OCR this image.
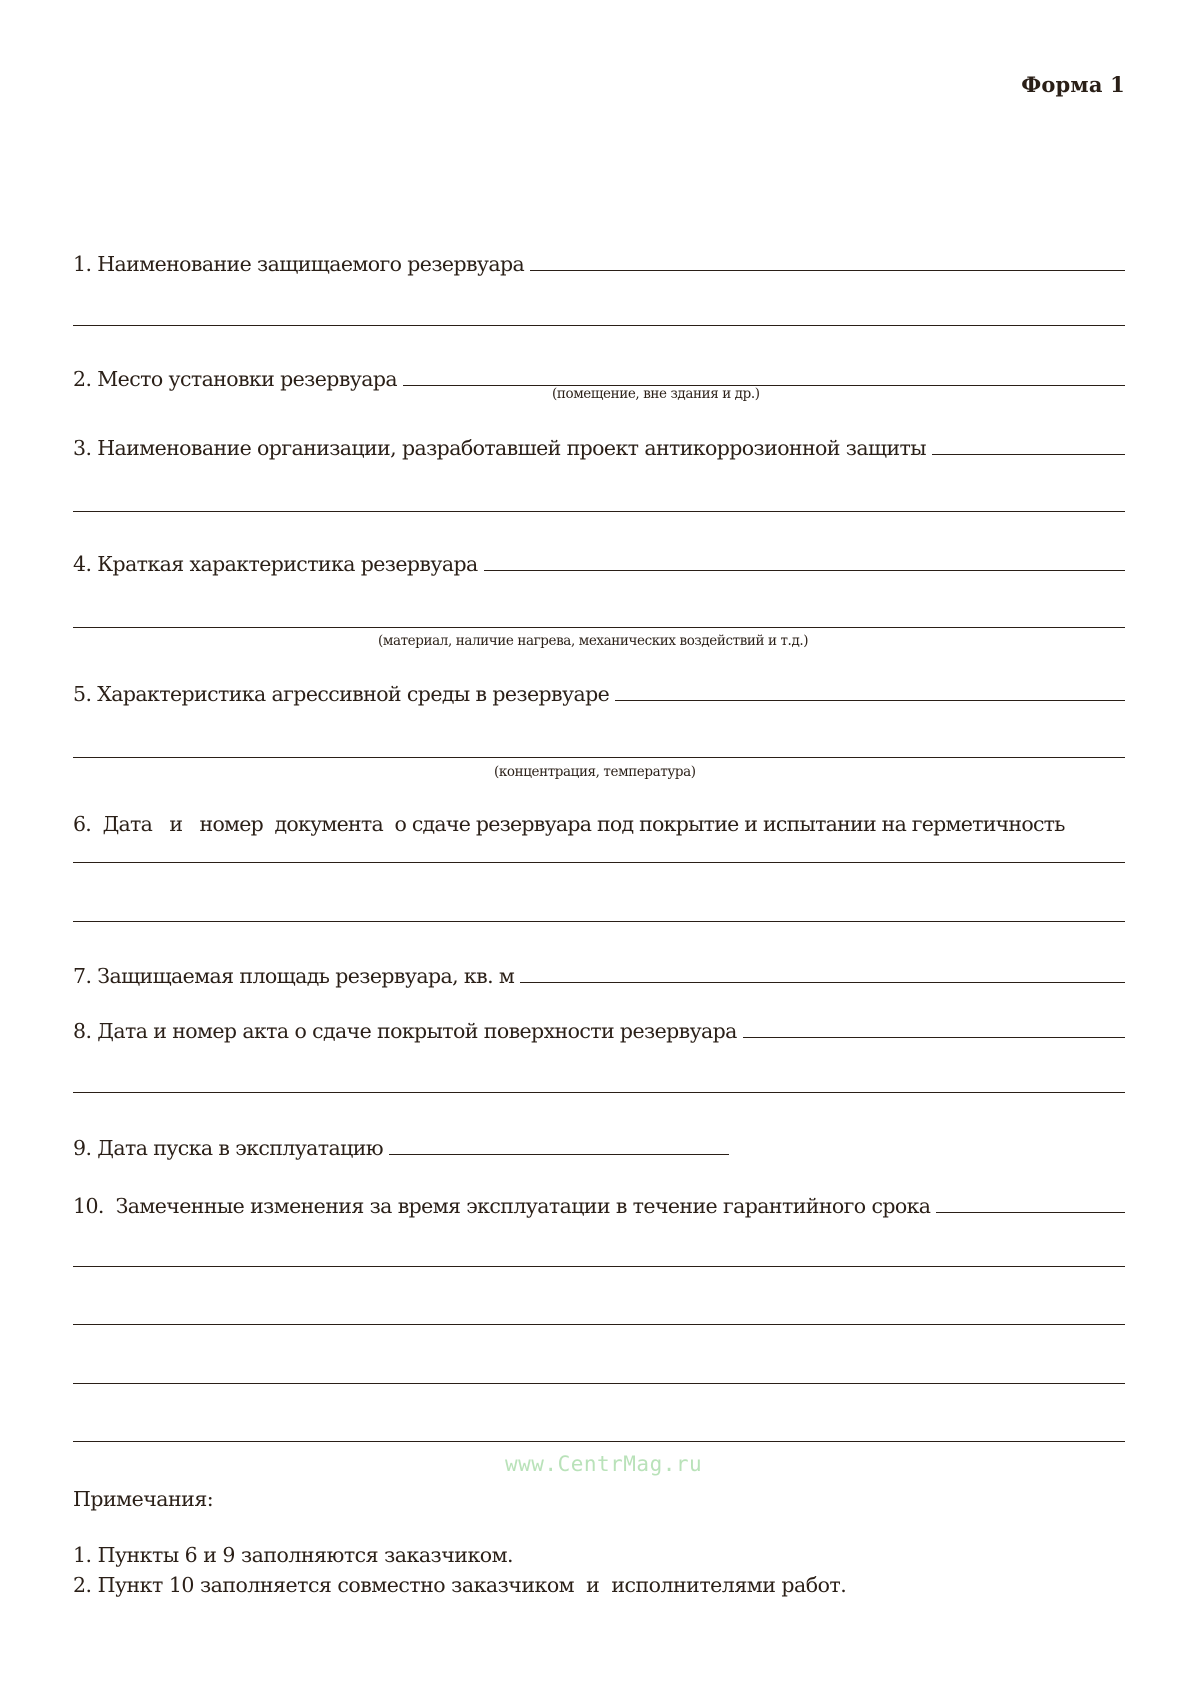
Форма 1
1. Наименование защищаемого резервуара
2. Место установки резервуара
(помещение, вне здания и др.)
3. Наименование организации, разработавшей проект антикоррозионной защиты
4. Краткая характеристика резервуара
(материал, наличие нагрева, механических воздействий и т.д.)
5. Характеристика агрессивной среды в резервуаре
(концентрация, температура)
6.  Дата   и   номер  документа  о сдаче резервуара под покрытие и испытании на герметичность
7. Защищаемая площадь резервуара, кв. м
8. Дата и номер акта о сдаче покрытой поверхности резервуара
9. Дата пуска в эксплуатацию
10.  Замеченные изменения за время эксплуатации в течение гарантийного срока
www.CentrMag.ru
Примечания:
1. Пункты 6 и 9 заполняются заказчиком.
2. Пункт 10 заполняется совместно заказчиком  и  исполнителями работ.
